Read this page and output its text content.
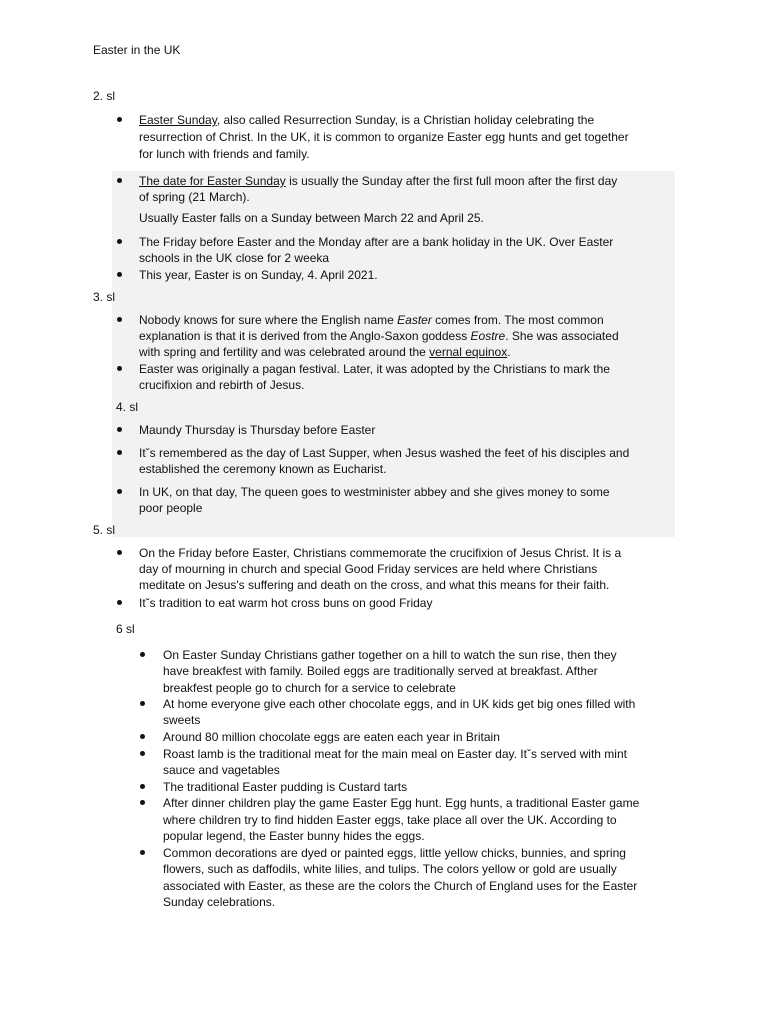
Easter in the UK
2. sl
Easter Sunday, also called Resurrection Sunday, is a Christian holiday celebrating the
resurrection of Christ. In the UK, it is common to organize Easter egg hunts and get together
for lunch with friends and family.
The date for Easter Sunday is usually the Sunday after the first full moon after the first day
of spring (21 March).
Usually Easter falls on a Sunday between March 22 and April 25.
The Friday before Easter and the Monday after are a bank holiday in the UK. Over Easter
schools in the UK close for 2 weeka
This year, Easter is on Sunday, 4. April 2021.
3. sl
Nobody knows for sure where the English name Easter comes from. The most common
explanation is that it is derived from the Anglo-Saxon goddess Eostre. She was associated
with spring and fertility and was celebrated around the vernal equinox.
Easter was originally a pagan festival. Later, it was adopted by the Christians to mark the
crucifixion and rebirth of Jesus.
4. sl
Maundy Thursday is Thursday before Easter
Itˇs remembered as the day of Last Supper, when Jesus washed the feet of his disciples and
established the ceremony known as Eucharist.
In UK, on that day, The queen goes to westminister abbey and she gives money to some
poor people
5. sl
On the Friday before Easter, Christians commemorate the crucifixion of Jesus Christ. It is a
day of mourning in church and special Good Friday services are held where Christians
meditate on Jesus's suffering and death on the cross, and what this means for their faith.
Itˇs tradition to eat warm hot cross buns on good Friday
6 sl
On Easter Sunday Christians gather together on a hill to watch the sun rise, then they
have breakfest with family. Boiled eggs are traditionally served at breakfast. Afther
breakfest people go to church for a service to celebrate
At home everyone give each other chocolate eggs, and in UK kids get big ones filled with
sweets
Around 80 million chocolate eggs are eaten each year in Britain
Roast lamb is the traditional meat for the main meal on Easter day. Itˇs served with mint
sauce and vagetables
The traditional Easter pudding is Custard tarts
After dinner children play the game Easter Egg hunt. Egg hunts, a traditional Easter game
where children try to find hidden Easter eggs, take place all over the UK. According to
popular legend, the Easter bunny hides the eggs.
Common decorations are dyed or painted eggs, little yellow chicks, bunnies, and spring
flowers, such as daffodils, white lilies, and tulips. The colors yellow or gold are usually
associated with Easter, as these are the colors the Church of England uses for the Easter
Sunday celebrations.
